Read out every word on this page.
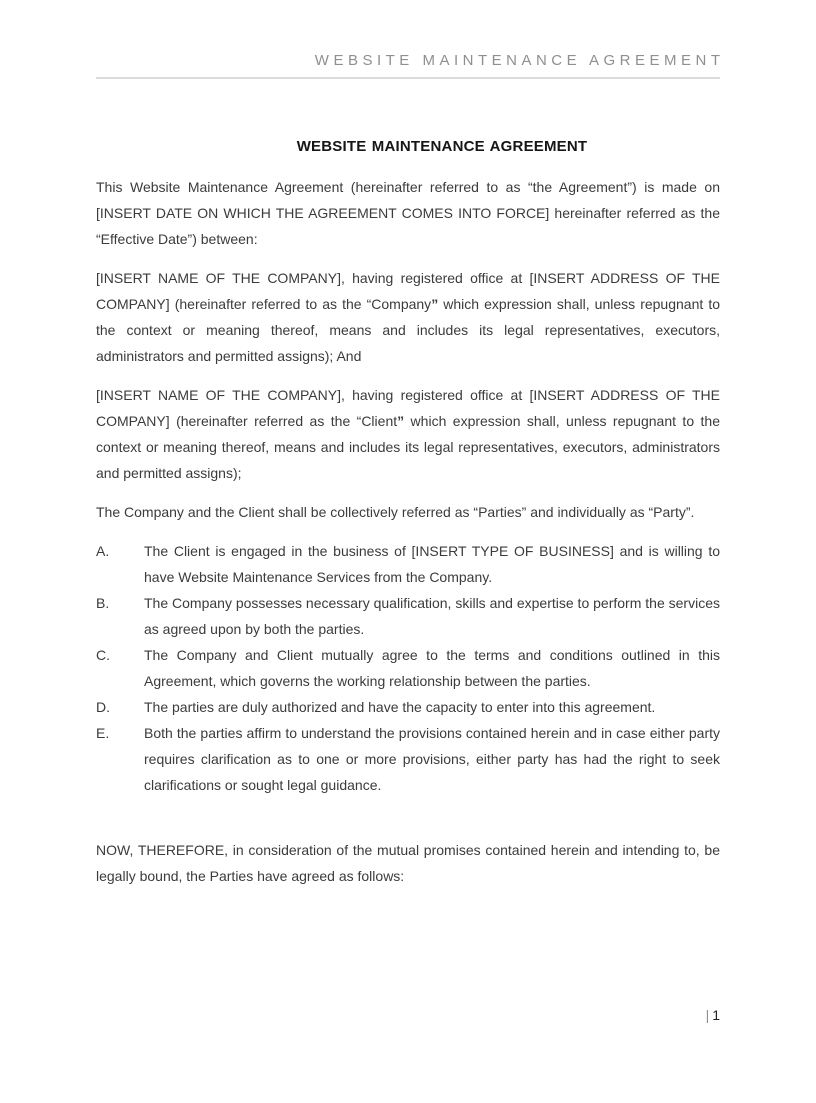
WEBSITE MAINTENANCE AGREEMENT
WEBSITE MAINTENANCE AGREEMENT

This Website Maintenance Agreement (hereinafter referred to as “the Agreement”) is made on [INSERT DATE ON WHICH THE AGREEMENT COMES INTO FORCE] hereinafter referred as the “Effective Date”) between:

[INSERT NAME OF THE COMPANY], having registered office at [INSERT ADDRESS OF THE COMPANY] (hereinafter referred to as the “Company” which expression shall, unless repugnant to the context or meaning thereof, means and includes its legal representatives, executors, administrators and permitted assigns); And

[INSERT NAME OF THE COMPANY], having registered office at [INSERT ADDRESS OF THE COMPANY] (hereinafter referred as the “Client” which expression shall, unless repugnant to the context or meaning thereof, means and includes its legal representatives, executors, administrators and permitted assigns);

The Company and the Client shall be collectively referred as “Parties” and individually as “Party”.

A.	The Client is engaged in the business of [INSERT TYPE OF BUSINESS] and is willing to have Website Maintenance Services from the Company.
B.	The Company possesses necessary qualification, skills and expertise to perform the services as agreed upon by both the parties.
C.	The Company and Client mutually agree to the terms and conditions outlined in this Agreement, which governs the working relationship between the parties.
D.	The parties are duly authorized and have the capacity to enter into this agreement.
E.	Both the parties affirm to understand the provisions contained herein and in case either party requires clarification as to one or more provisions, either party has had the right to seek clarifications or sought legal guidance.

NOW, THEREFORE, in consideration of the mutual promises contained herein and intending to, be legally bound, the Parties have agreed as follows:

| 1
